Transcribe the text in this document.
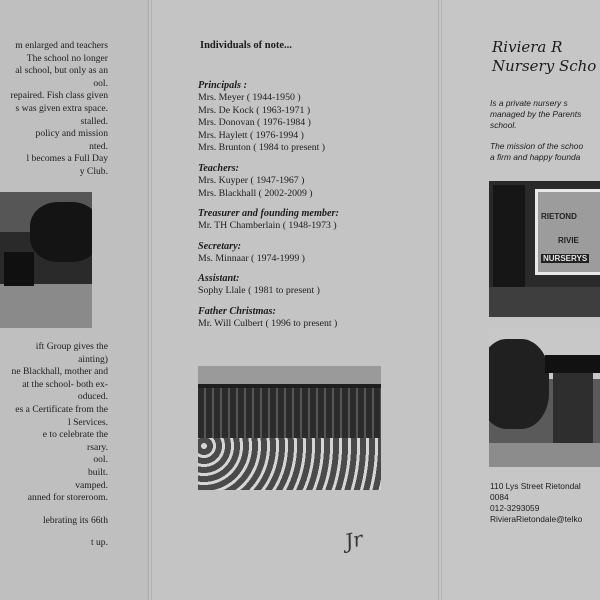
m enlarged and teachers
The school no longer
al school, but only as an
ool.
repaired. Fish class given
s was given extra space.
stalled.
policy and mission
nted.
l becomes a Full Day
y Club.
ift Group gives the
ainting)
ne Blackhall, mother and
at the school- both ex-
oduced.
es a Certificate from the
l Services.
e to celebrate the
rsary.
ool.
built.
vamped.
anned for storeroom.
lebrating its 66th
t up.
Individuals of note...
Principals :
Mrs. Meyer ( 1944-1950 )
Mrs. De Kock ( 1963-1971 )
Mrs. Donovan ( 1976-1984 )
Mrs. Haylett ( 1976-1994 )
Mrs. Brunton ( 1984 to present )
Teachers:
Mrs. Kuyper ( 1947-1967 )
Mrs. Blackhall ( 2002-2009 )
Treasurer and founding member:
Mr. TH Chamberlain ( 1948-1973 )
Secretary:
Ms. Minnaar ( 1974-1999 )
Assistant:
Sophy Llale ( 1981 to present )
Father Christmas:
Mr. Will Culbert ( 1996 to present )
Jr
Riviera R
Nursery Scho

Is a private nursery s
managed by the Parents
school.

The mission of the schoo
a firm and happy founda

RIETOND
RIVIE
NURSERYS
110 Lys Street Rietondal
0084
012-3293059
RivieraRietondale@telko
